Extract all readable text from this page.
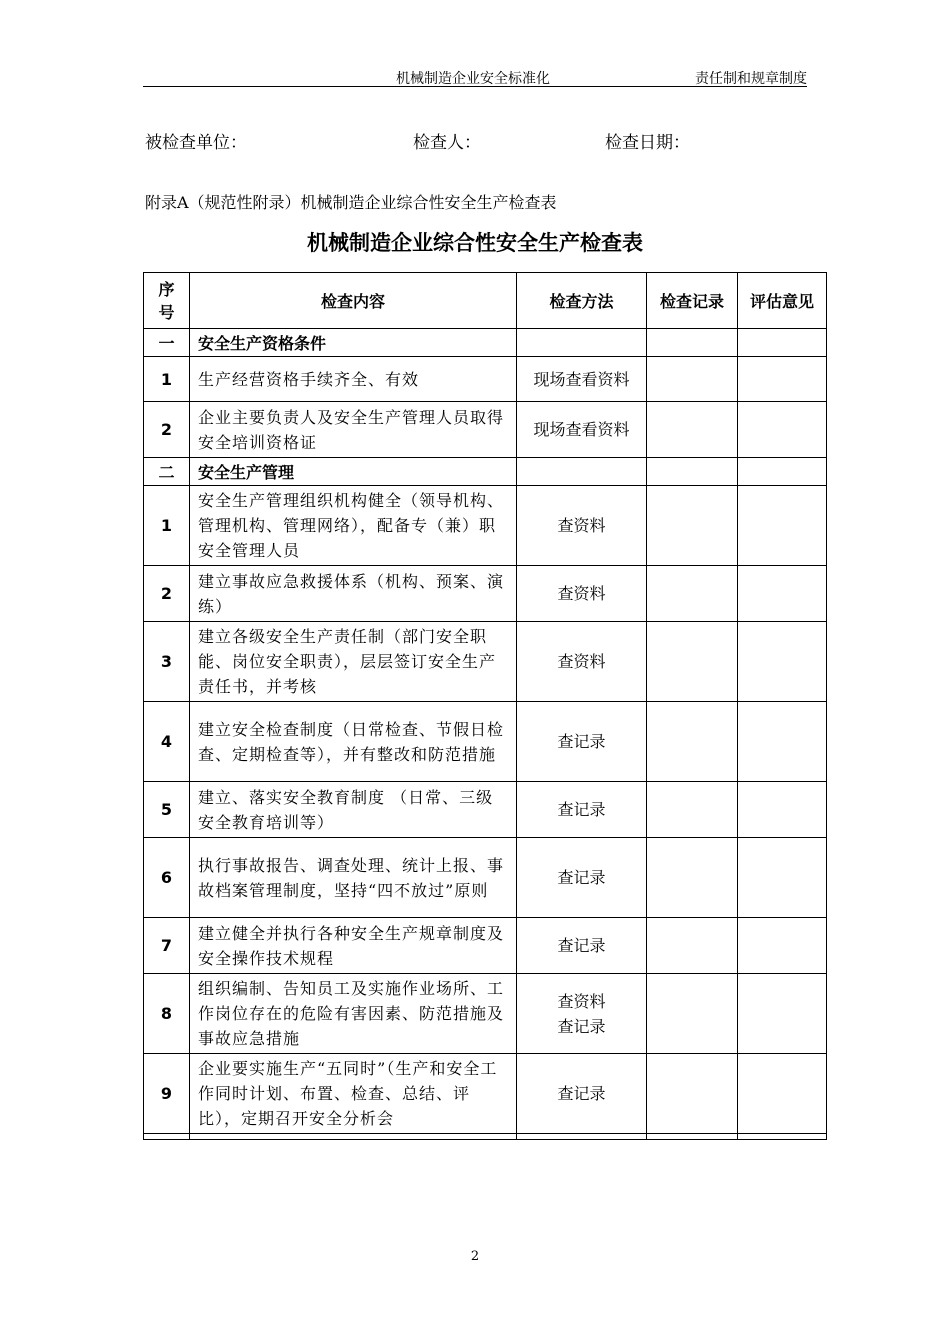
机械制造企业安全标准化	责任制和规章制度
被检查单位：	检查人：	检查日期：
附录A（规范性附录）机械制造企业综合性安全生产检查表
机械制造企业综合性安全生产检查表
序
号	检查内容	检查方法	检查记录	评估意见
一	安全生产资格条件			
1	生产经营资格手续齐全、有效	现场查看资料		
2	企业主要负责人及安全生产管理人员取得安全培训资格证	现场查看资料		
二	安全生产管理			
1	安全生产管理组织机构健全（领导机构、管理机构、管理网络），配备专（兼）职安全管理人员	查资料		
2	建立事故应急救援体系（机构、预案、演练）	查资料		
3	建立各级安全生产责任制（部门安全职能、岗位安全职责），层层签订安全生产责任书，并考核	查资料		
4	建立安全检查制度（日常检查、节假日检查、定期检查等），并有整改和防范措施	查记录		
5	建立、落实安全教育制度 （日常、三级安全教育培训等）	查记录		
6	执行事故报告、调查处理、统计上报、事故档案管理制度，坚持“四不放过”原则	查记录		
7	建立健全并执行各种安全生产规章制度及安全操作技术规程	查记录		
8	组织编制、告知员工及实施作业场所、工作岗位存在的危险有害因素、防范措施及事故应急措施	查资料
查记录		
9	企业要实施生产“五同时”（生产和安全工作同时计划、布置、检查、总结、评比），定期召开安全分析会	查记录		

2
